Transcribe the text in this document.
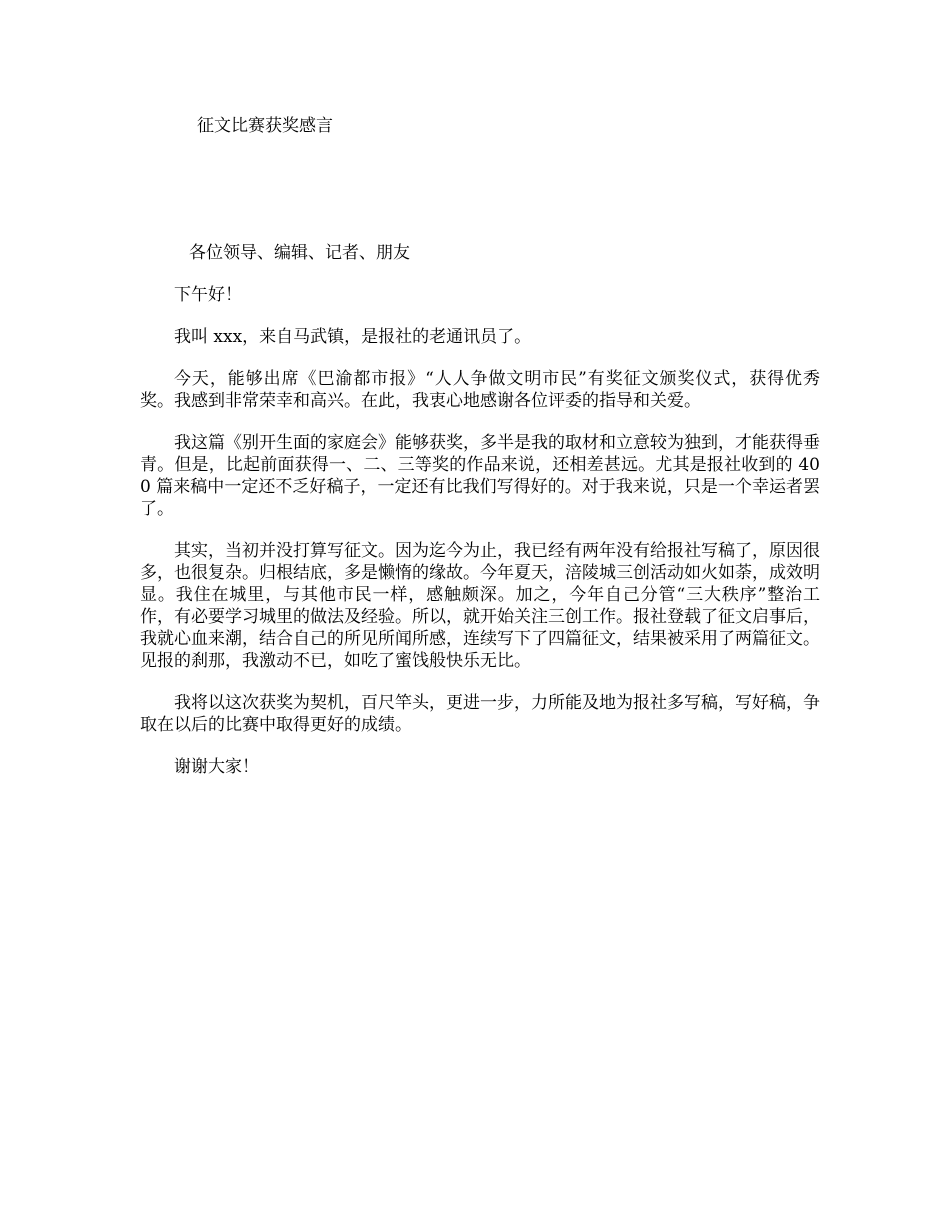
征文比赛获奖感言
各位领导、编辑、记者、朋友

下午好！

我叫 xxx，来自马武镇，是报社的老通讯员了。

今天，能够出席《巴渝都市报》“人人争做文明市民”有奖征文颁奖仪式，获得优秀奖。我感到非常荣幸和高兴。在此，我衷心地感谢各位评委的指导和关爱。

我这篇《别开生面的家庭会》能够获奖，多半是我的取材和立意较为独到，才能获得垂青。但是，比起前面获得一、二、三等奖的作品来说，还相差甚远。尤其是报社收到的 400 篇来稿中一定还不乏好稿子，一定还有比我们写得好的。对于我来说，只是一个幸运者罢了。

其实，当初并没打算写征文。因为迄今为止，我已经有两年没有给报社写稿了，原因很多，也很复杂。归根结底，多是懒惰的缘故。今年夏天，涪陵城三创活动如火如荼，成效明显。我住在城里，与其他市民一样，感触颇深。加之，今年自己分管“三大秩序”整治工作，有必要学习城里的做法及经验。所以，就开始关注三创工作。报社登载了征文启事后，我就心血来潮，结合自己的所见所闻所感，连续写下了四篇征文，结果被采用了两篇征文。见报的刹那，我激动不已，如吃了蜜饯般快乐无比。

我将以这次获奖为契机，百尺竿头，更进一步，力所能及地为报社多写稿，写好稿，争取在以后的比赛中取得更好的成绩。

谢谢大家！
